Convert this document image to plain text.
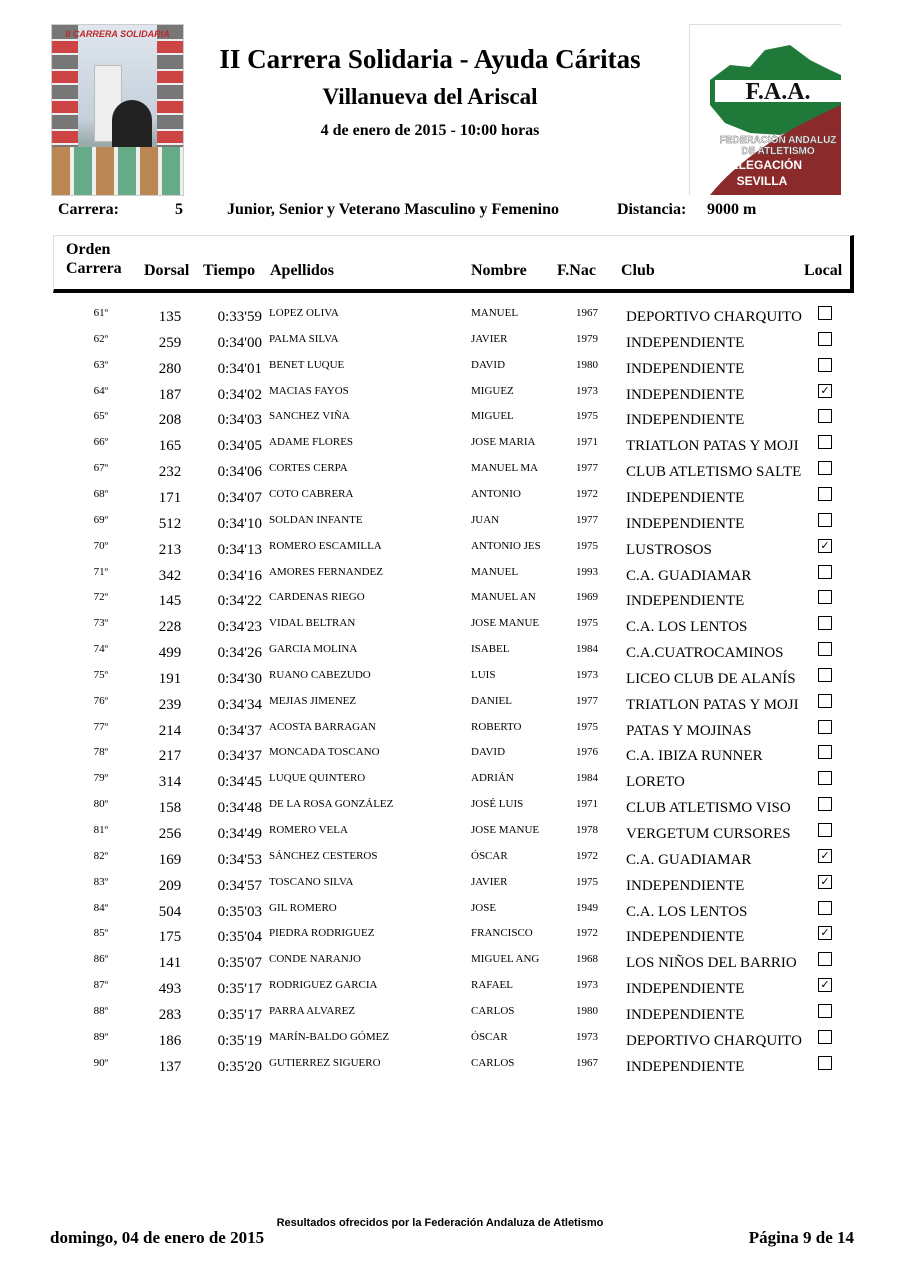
II CARRERA SOLIDARIA
II Carrera Solidaria - Ayuda Cáritas
Villanueva del Ariscal
4 de enero de 2015 - 10:00 horas
F.A.A.
FEDERACIÓN ANDALUZ
DE ATLETISMO
DELEGACIÓN
SEVILLA
Carrera:	5	Junior, Senior y Veterano Masculino y Femenino	Distancia: 9000 m
Orden
Carrera Dorsal Tiempo Apellidos	Nombre F.Nac Club	Local
61º	135	0:33'59 LOPEZ OLIVA	MANUEL	1967 DEPORTIVO CHARQUITO
62º	259	0:34'00 PALMA SILVA	JAVIER	1979 INDEPENDIENTE
63º	280	0:34'01 BENET LUQUE	DAVID	1980 INDEPENDIENTE
64º	187	0:34'02 MACIAS FAYOS	MIGUEZ	1973 INDEPENDIENTE	✓
65º	208	0:34'03 SANCHEZ VIÑA	MIGUEL	1975 INDEPENDIENTE
66º	165	0:34'05 ADAME FLORES	JOSE MARIA	1971 TRIATLON PATAS Y MOJI
67º	232	0:34'06 CORTES CERPA	MANUEL MA	1977 CLUB ATLETISMO SALTE
68º	171	0:34'07 COTO CABRERA	ANTONIO	1972 INDEPENDIENTE
69º	512	0:34'10 SOLDAN INFANTE	JUAN	1977 INDEPENDIENTE
70º	213	0:34'13 ROMERO ESCAMILLA	ANTONIO JES	1975 LUSTROSOS	✓
71º	342	0:34'16 AMORES FERNANDEZ	MANUEL	1993 C.A. GUADIAMAR
72º	145	0:34'22 CARDENAS RIEGO	MANUEL AN	1969 INDEPENDIENTE
73º	228	0:34'23 VIDAL BELTRAN	JOSE MANUE	1975 C.A. LOS LENTOS
74º	499	0:34'26 GARCIA MOLINA	ISABEL	1984 C.A.CUATROCAMINOS
75º	191	0:34'30 RUANO CABEZUDO	LUIS	1973 LICEO CLUB DE ALANÍS
76º	239	0:34'34 MEJIAS JIMENEZ	DANIEL	1977 TRIATLON PATAS Y MOJI
77º	214	0:34'37 ACOSTA BARRAGAN	ROBERTO	1975 PATAS Y MOJINAS
78º	217	0:34'37 MONCADA TOSCANO	DAVID	1976 C.A. IBIZA RUNNER
79º	314	0:34'45 LUQUE QUINTERO	ADRIÁN	1984 LORETO
80º	158	0:34'48 DE LA ROSA GONZÁLEZ	JOSÉ LUIS	1971 CLUB ATLETISMO VISO
81º	256	0:34'49 ROMERO VELA	JOSE MANUE	1978 VERGETUM CURSORES
82º	169	0:34'53 SÁNCHEZ CESTEROS	ÓSCAR	1972 C.A. GUADIAMAR	✓
83º	209	0:34'57 TOSCANO SILVA	JAVIER	1975 INDEPENDIENTE	✓
84º	504	0:35'03 GIL ROMERO	JOSE	1949 C.A. LOS LENTOS
85º	175	0:35'04 PIEDRA RODRIGUEZ	FRANCISCO	1972 INDEPENDIENTE	✓
86º	141	0:35'07 CONDE NARANJO	MIGUEL ANG	1968 LOS NIÑOS DEL BARRIO
87º	493	0:35'17 RODRIGUEZ GARCIA	RAFAEL	1973 INDEPENDIENTE	✓
88º	283	0:35'17 PARRA ALVAREZ	CARLOS	1980 INDEPENDIENTE
89º	186	0:35'19 MARÍN-BALDO GÓMEZ	ÓSCAR	1973 DEPORTIVO CHARQUITO
90º	137	0:35'20 GUTIERREZ SIGUERO	CARLOS	1967 INDEPENDIENTE
Resultados ofrecidos por la Federación Andaluza de Atletismo
domingo, 04 de enero de 2015	Página 9 de 14
